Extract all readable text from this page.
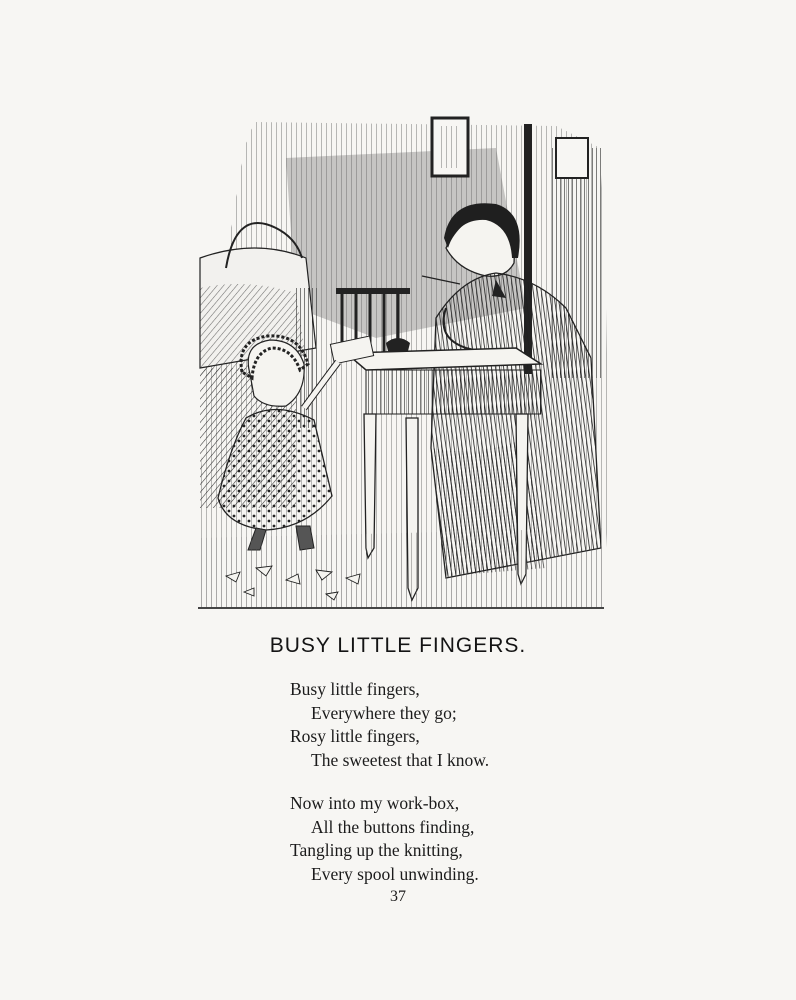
BUSY LITTLE FINGERS.
Busy little fingers,
Everywhere they go;
Rosy little fingers,
The sweetest that I know.
Now into my work-box,
All the buttons finding,
Tangling up the knitting,
Every spool unwinding.
37
